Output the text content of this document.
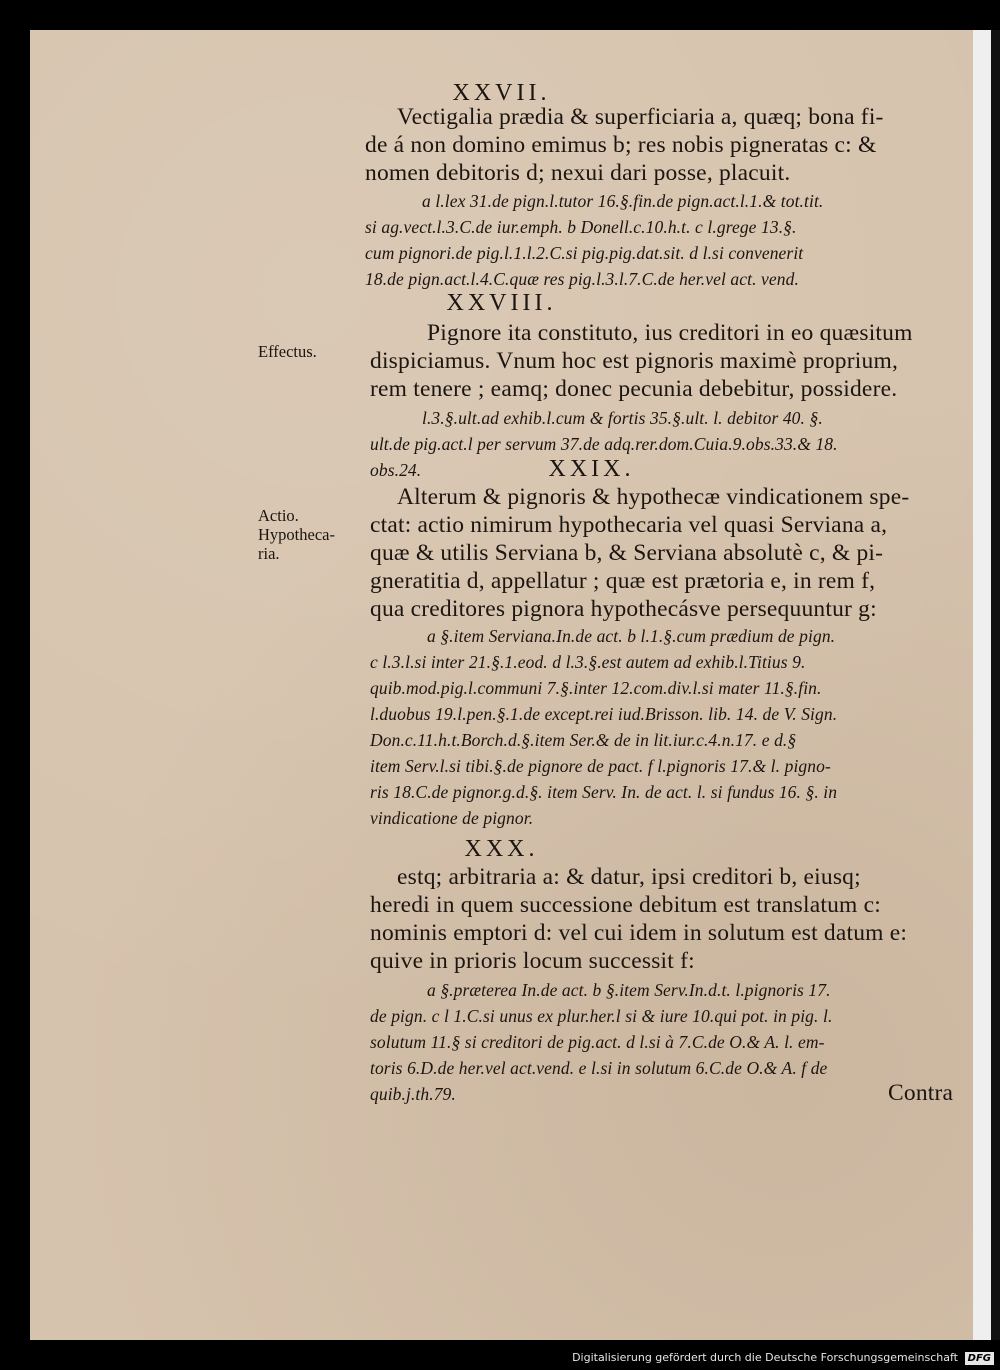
XXVII.
Vectigalia prædia & superficiaria a, quæq; bona fi-
de á non domino emimus b; res nobis pigneratas c: &
nomen debitoris d; nexui dari posse, placuit.
a l.lex 31.de pign.l.tutor 16.§.fin.de pign.act.l.1.& tot.tit.
si ag.vect.l.3.C.de iur.emph. b Donell.c.10.h.t. c l.grege 13.§.
cum pignori.de pig.l.1.l.2.C.si pig.pig.dat.sit. d l.si convenerit
18.de pign.act.l.4.C.quæ res pig.l.3.l.7.C.de her.vel act. vend.
XXVIII.
Effectus.
Pignore ita constituto, ius creditori in eo quæsitum
dispiciamus. Vnum hoc est pignoris maximè proprium,
rem tenere ; eamq; donec pecunia debebitur, possidere.
l.3.§.ult.ad exhib.l.cum & fortis 35.§.ult. l. debitor 40. §.
ult.de pig.act.l per servum 37.de adq.rer.dom.Cuia.9.obs.33.& 18.
obs.24.	XXIX.
Actio.
Hypotheca-
ria.
Alterum & pignoris & hypothecæ vindicationem spe-
ctat: actio nimirum hypothecaria vel quasi Serviana a,
quæ & utilis Serviana b, & Serviana absolutè c, & pi-
gneratitia d, appellatur ; quæ est prætoria e, in rem f,
qua creditores pignora hypothecásve persequuntur g:
a §.item Serviana.In.de act. b l.1.§.cum prædium de pign.
c l.3.l.si inter 21.§.1.eod. d l.3.§.est autem ad exhib.l.Titius 9.
quib.mod.pig.l.communi 7.§.inter 12.com.div.l.si mater 11.§.fin.
l.duobus 19.l.pen.§.1.de except.rei iud.Brisson. lib. 14. de V. Sign.
Don.c.11.h.t.Borch.d.§.item Ser.& de in lit.iur.c.4.n.17. e d.§
item Serv.l.si tibi.§.de pignore de pact. f l.pignoris 17.& l. pigno-
ris 18.C.de pignor.g.d.§. item Serv. In. de act. l. si fundus 16. §. in
vindicatione de pignor.
XXX.
estq; arbitraria a: & datur, ipsi creditori b, eiusq;
heredi in quem successione debitum est translatum c:
nominis emptori d: vel cui idem in solutum est datum e:
quive in prioris locum successit f:
a §.præterea In.de act. b §.item Serv.In.d.t. l.pignoris 17.
de pign. c l 1.C.si unus ex plur.her.l si & iure 10.qui pot. in pig. l.
solutum 11.§ si creditori de pig.act. d l.si à 7.C.de O.& A. l. em-
toris 6.D.de her.vel act.vend. e l.si in solutum 6.C.de O.& A. f de
quib.j.th.79.	Contra
Digitalisierung gefördert durch die Deutsche Forschungsgemeinschaft DFG
